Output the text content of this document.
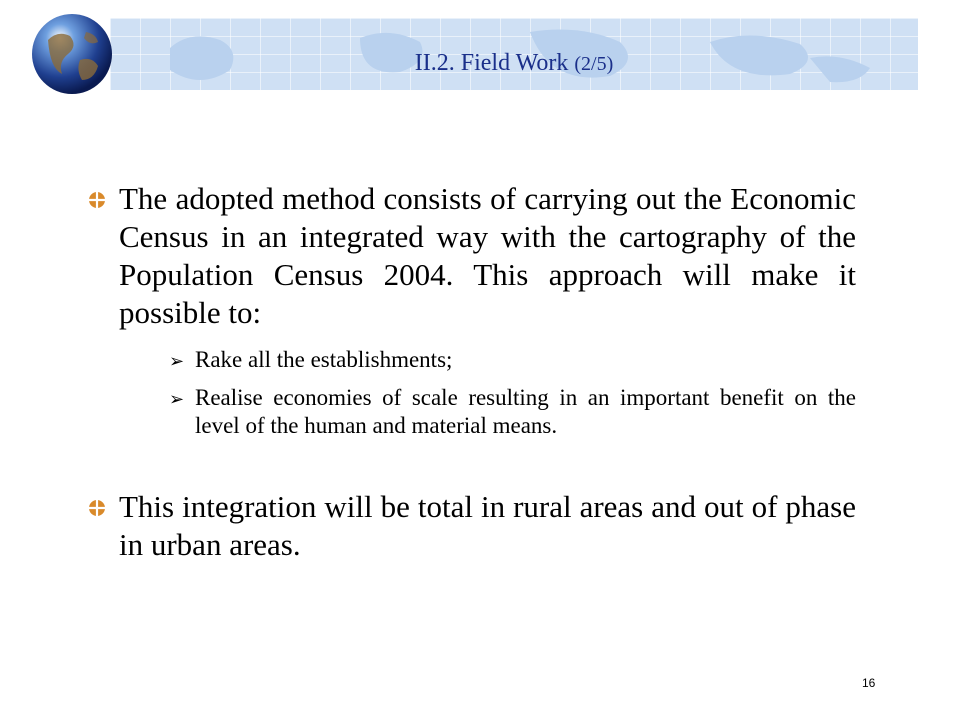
II.2. Field Work (2/5)
The adopted method consists of carrying out the Economic Census in an integrated way with the cartography of the Population Census 2004. This approach will make it possible to:
➢ Rake all the establishments;
➢ Realise economies of scale resulting in an important benefit on the level of the human and material means.
This integration will be total in rural areas and out of phase in urban areas.
16
